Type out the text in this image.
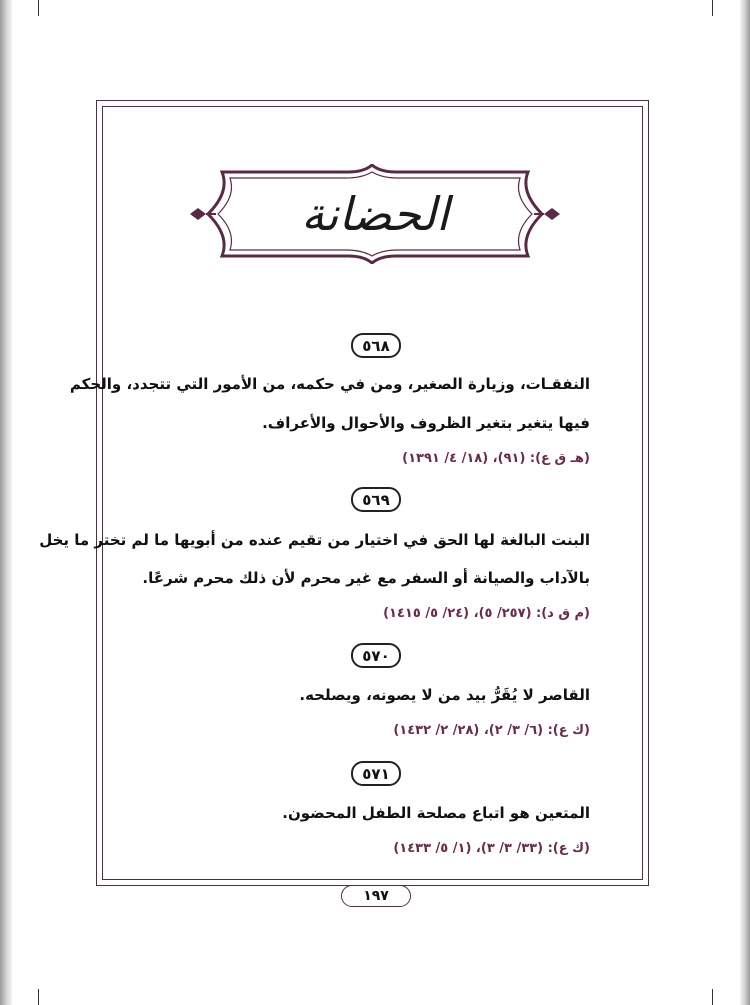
الحضانة
٥٦٨
النفقـات، وزيارة الصغير، ومن في حكمه، من الأمور التي تتجدد، والحكم
فيها يتغير بتغير الظروف والأحوال والأعراف.
(هـ ق ع): (٩١)، (١٨/ ٤/ ١٣٩١)
٥٦٩
البنت البالغة لها الحق في اختيار من تقيم عنده من أبويها ما لم تختر ما يخل
بالآداب والصيانة أو السفر مع غير محرم لأن ذلك محرم شرعًا.
(م ق د): (٢٥٧/ ٥)، (٢٤/ ٥/ ١٤١٥)
٥٧٠
القاصر لا يُقَرُّ بيد من لا يصونه، ويصلحه.
(ك ع): (٦/ ٣/ ٢)، (٢٨/ ٢/ ١٤٣٢)
٥٧١
المتعين هو اتباع مصلحة الطفل المحضون.
(ك ع): (٣٣/ ٣/ ٣)، (١/ ٥/ ١٤٣٣)
١٩٧
